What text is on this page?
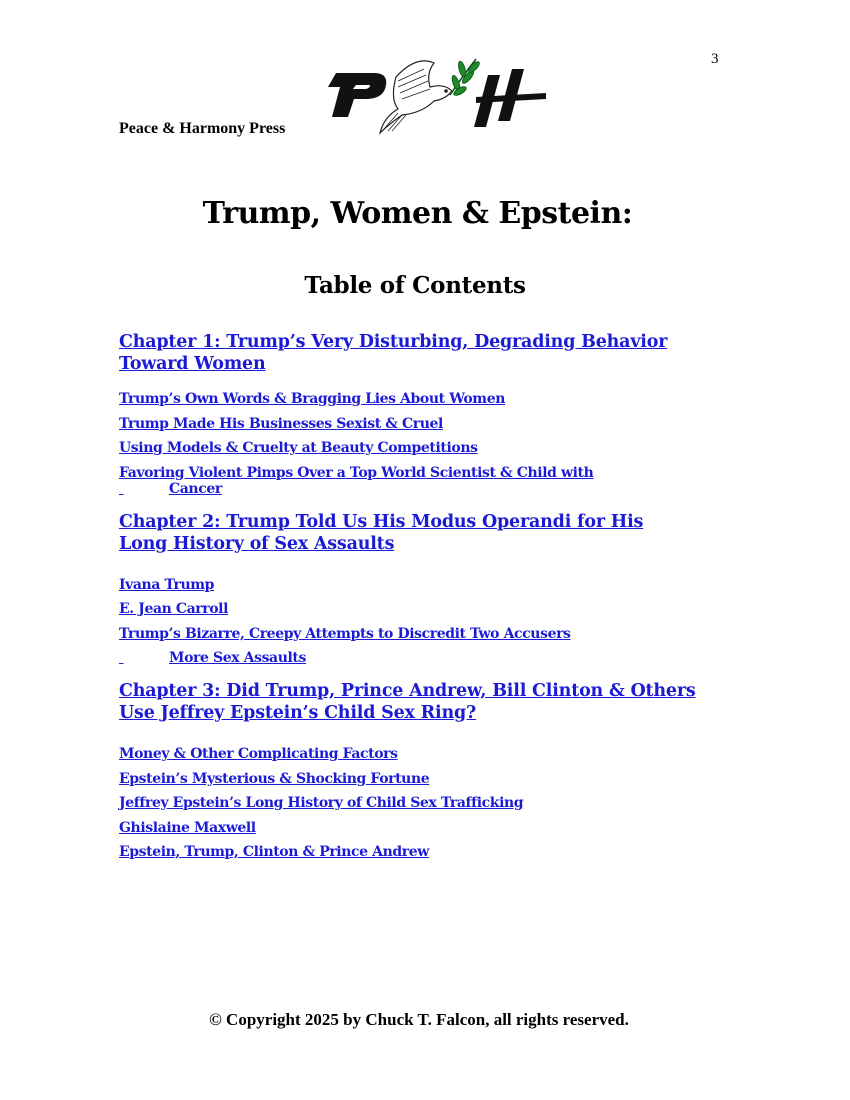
3
Peace & Harmony Press
Trump, Women & Epstein:
Table of Contents
Chapter 1: Trump’s Very Disturbing, Degrading Behavior
Toward Women
Trump’s Own Words & Bragging Lies About Women
Trump Made His Businesses Sexist & Cruel
Using Models & Cruelty at Beauty Competitions
Favoring Violent Pimps Over a Top World Scientist & Child with
Cancer
Chapter 2: Trump Told Us His Modus Operandi for His
Long History of Sex Assaults
Ivana Trump
E. Jean Carroll
Trump’s Bizarre, Creepy Attempts to Discredit Two Accusers
More Sex Assaults
Chapter 3: Did Trump, Prince Andrew, Bill Clinton & Others
Use Jeffrey Epstein’s Child Sex Ring?
Money & Other Complicating Factors
Epstein’s Mysterious & Shocking Fortune
Jeffrey Epstein’s Long History of Child Sex Trafficking
Ghislaine Maxwell
Epstein, Trump, Clinton & Prince Andrew
© Copyright 2025 by Chuck T. Falcon, all rights reserved.
